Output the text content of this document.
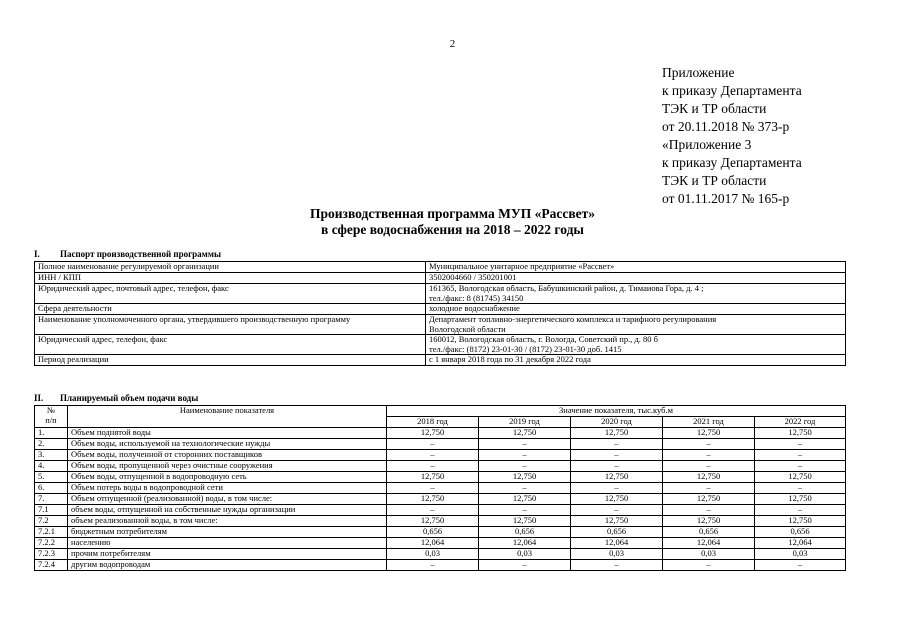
2
Приложение
к приказу Департамента
ТЭК и ТР области
от 20.11.2018 № 373-р
«Приложение 3
к приказу Департамента
ТЭК и ТР области
от 01.11.2017 № 165-р
Производственная программа МУП «Рассвет»
в сфере водоснабжения на 2018 – 2022 годы
I. Паспорт производственной программы
Полное наименование регулируемой организации	Муниципальное унитарное предприятие «Рассвет»

ИНН / КПП	3502004660 / 350201001

Юридический адрес, почтовый адрес, телефон, факс	161365, Вологодская область, Бабушкинский район, д. Тимаиова Гора, д. 4 ;
тел./факс: 8 (81745) 34150

Сфера деятельности	холодное водоснабжение

Наименование уполномоченного органа, утвердившего производственную программу	Департамент топливно-энергетического комплекса и тарифного регулирования
Вологодской области

Юридический адрес, телефон, факс	160012, Вологодская область, г. Вологда, Советский пр., д. 80 б
тел./факс: (8172) 23-01-30 / (8172) 23-01-30 доб. 1415

Период реализации	с 1 января 2018 года по 31 декабря 2022 года
II. Планируемый объем подачи воды
№
п/п	Наименование показателя	Значение показателя, тыс.куб.м				
		2018 год	2019 год	2020 год	2021 год	2022 год
1.	Объем поднятой воды	12,750	12,750	12,750	12,750	12,750
2.	Объем воды, используемой на технологические нужды	–	–	–	–	–
3.	Объем воды, полученной от сторонних поставщиков	–	–	–	–	–
4.	Объем воды, пропущенной через очистные сооружения	–	–	–	–	–
5.	Объем воды, отпущенной в водопроводную сеть	12,750	12,750	12,750	12,750	12,750
6.	Объем потерь воды в водопроводной сети	–	–	–	–	–
7.	Объем отпущенной (реализованной) воды, в том числе:	12,750	12,750	12,750	12,750	12,750
7.1	объем воды, отпущенной на собственные нужды организации	–	–	–	–	–
7.2	объем реализованной воды, в том числе:	12,750	12,750	12,750	12,750	12,750
7.2.1	бюджетным потребителям	0,656	0,656	0,656	0,656	0,656
7.2.2	населению	12,064	12,064	12,064	12,064	12,064
7.2.3	прочим потребителям	0,03	0,03	0,03	0,03	0,03
7.2.4	другим водопроводам	–	–	–	–	–
